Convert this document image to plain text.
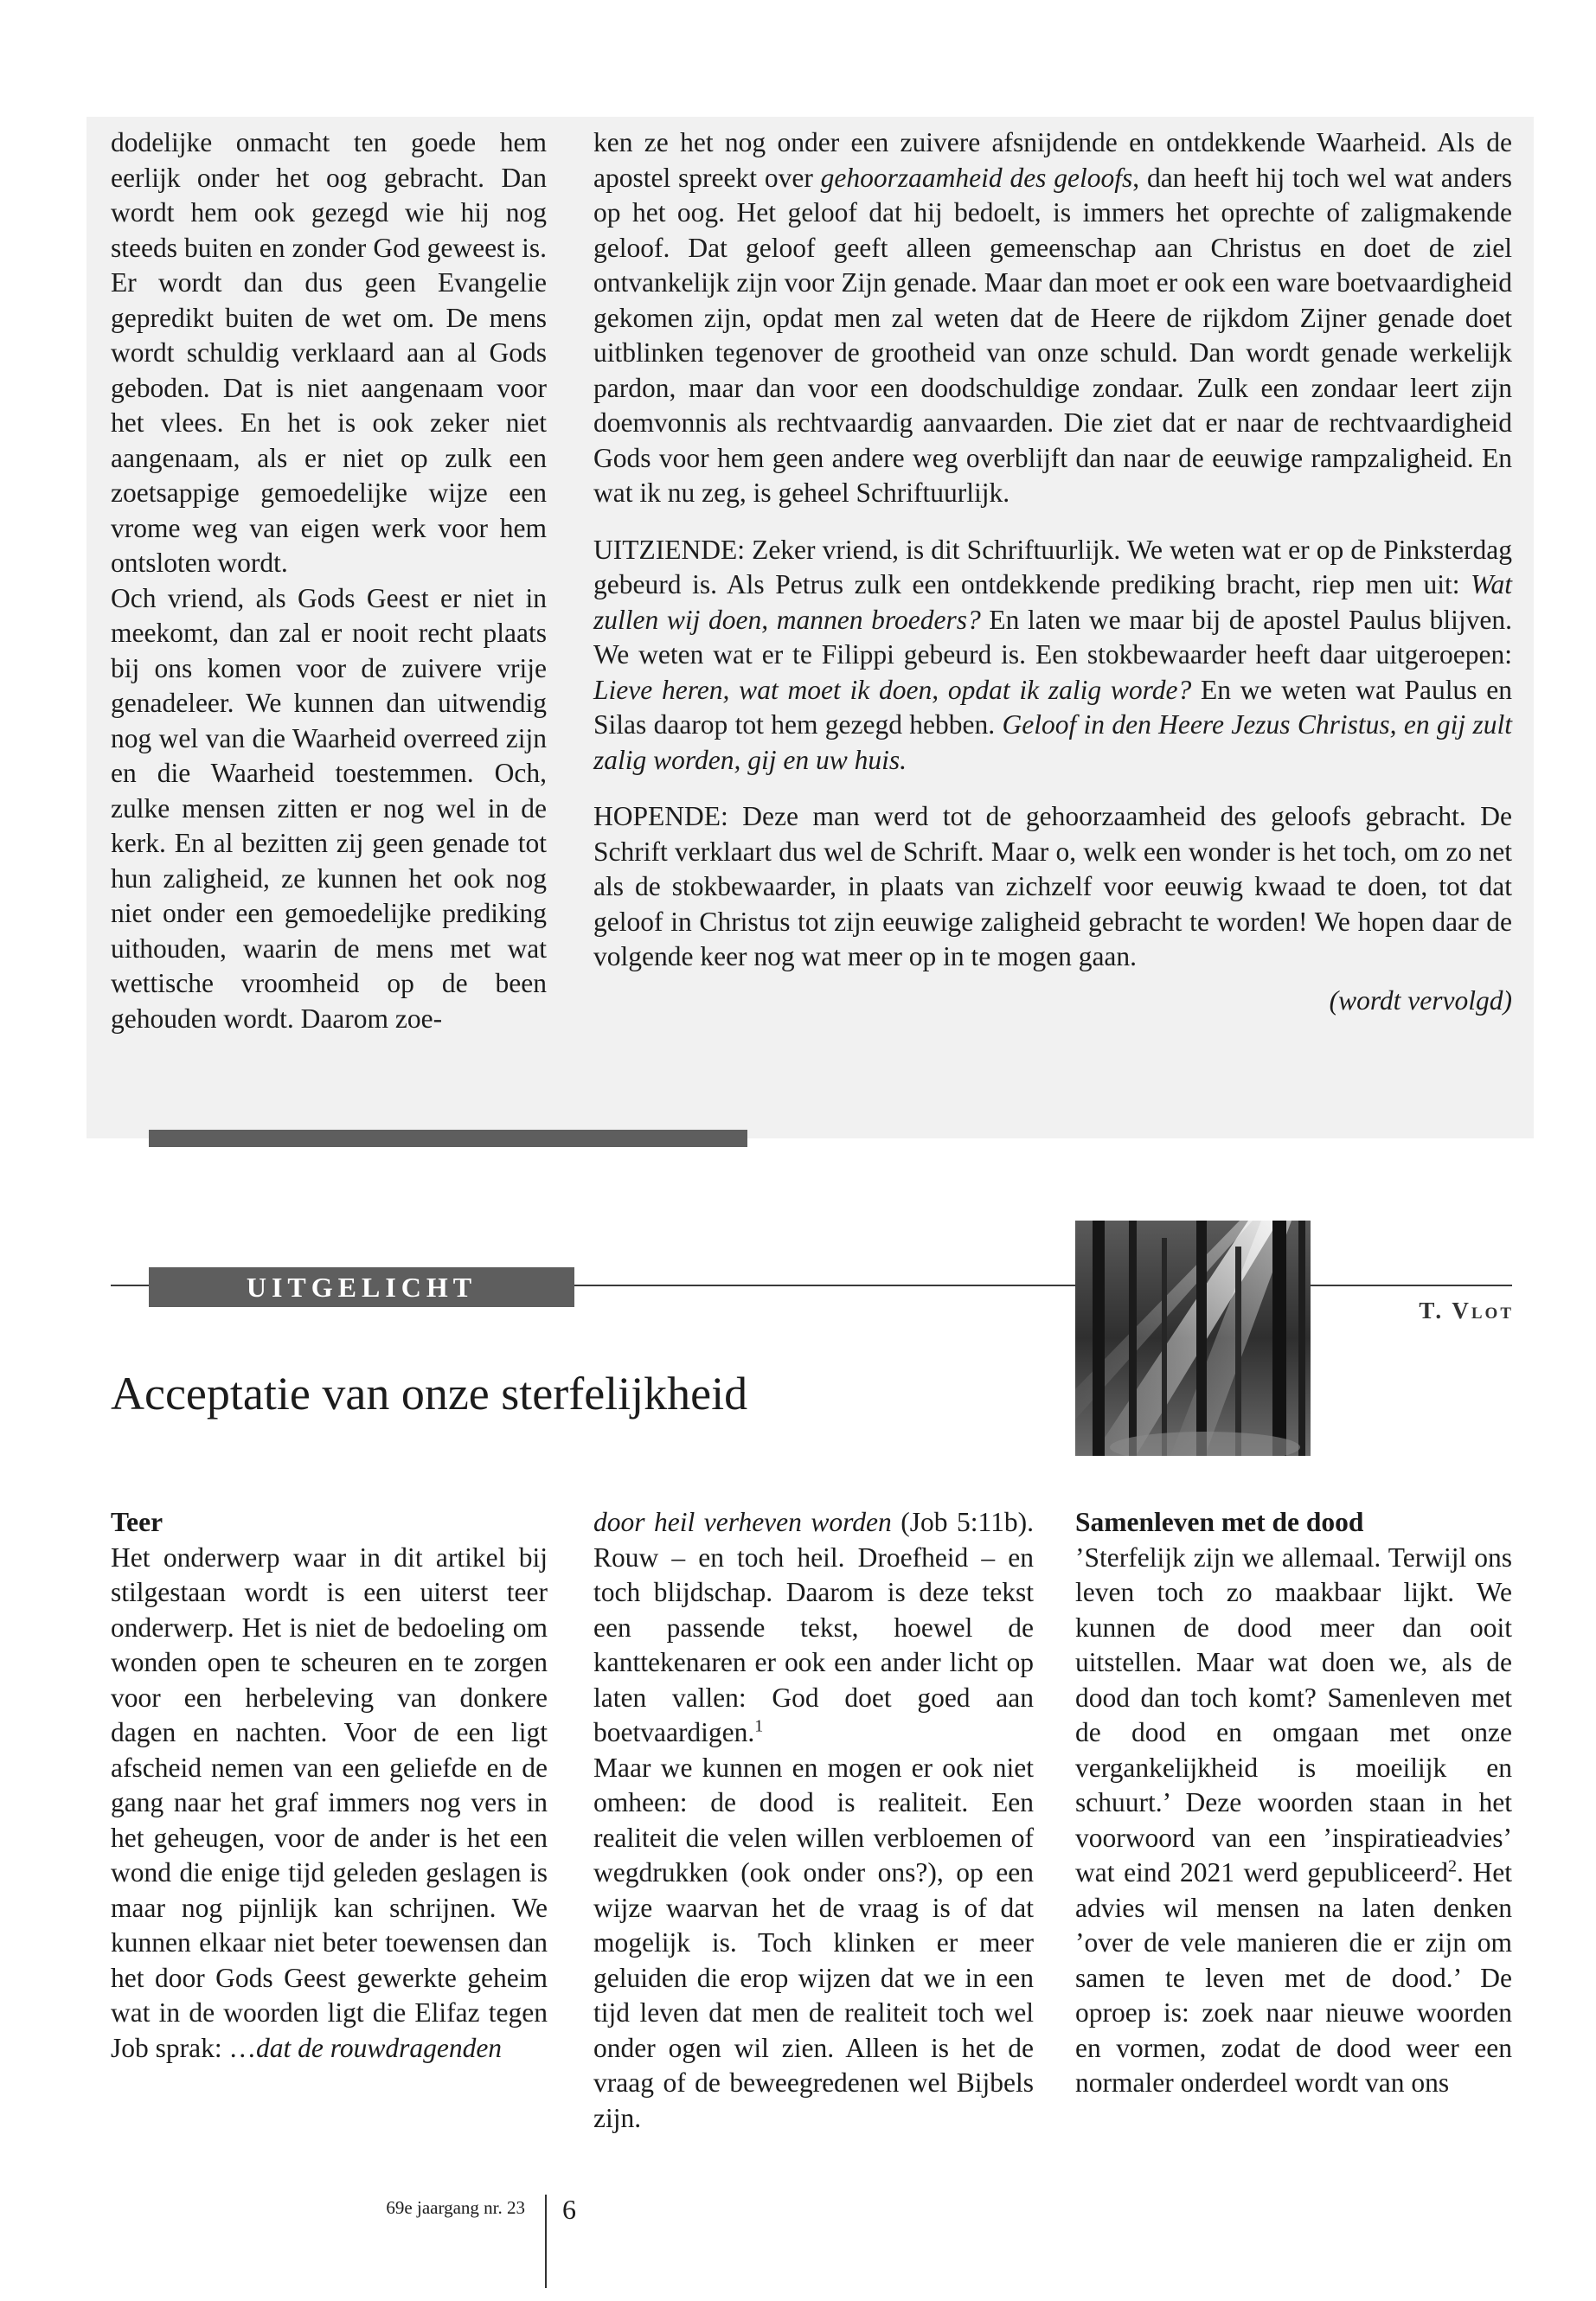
dodelijke onmacht ten goede hem eerlijk onder het oog gebracht. Dan wordt hem ook gezegd wie hij nog steeds buiten en zonder God geweest is. Er wordt dan dus geen Evangelie gepredikt buiten de wet om. De mens wordt schuldig verklaard aan al Gods geboden. Dat is niet aangenaam voor het vlees. En het is ook zeker niet aangenaam, als er niet op zulk een zoetsappige gemoedelijke wijze een vrome weg van eigen werk voor hem ontsloten wordt.

Och vriend, als Gods Geest er niet in meekomt, dan zal er nooit recht plaats bij ons komen voor de zuivere vrije genadeleer. We kunnen dan uitwendig nog wel van die Waarheid overreed zijn en die Waarheid toestemmen. Och, zulke mensen zitten er nog wel in de kerk. En al bezitten zij geen genade tot hun zaligheid, ze kunnen het ook nog niet onder een gemoedelijke prediking uithouden, waarin de mens met wat wettische vroomheid op de been gehouden wordt. Daarom zoe-

ken ze het nog onder een zuivere afsnijdende en ontdekkende Waarheid. Als de apostel spreekt over gehoorzaamheid des geloofs, dan heeft hij toch wel wat anders op het oog. Het geloof dat hij bedoelt, is immers het oprechte of zaligmakende geloof. Dat geloof geeft alleen gemeenschap aan Christus en doet de ziel ontvankelijk zijn voor Zijn genade. Maar dan moet er ook een ware boetvaardigheid gekomen zijn, opdat men zal weten dat de Heere de rijkdom Zijner genade doet uitblinken tegenover de grootheid van onze schuld. Dan wordt genade werkelijk pardon, maar dan voor een doodschuldige zondaar. Zulk een zondaar leert zijn doemvonnis als rechtvaardig aanvaarden. Die ziet dat er naar de rechtvaardigheid Gods voor hem geen andere weg overblijft dan naar de eeuwige rampzaligheid. En wat ik nu zeg, is geheel Schriftuurlijk.

UITZIENDE: Zeker vriend, is dit Schriftuurlijk. We weten wat er op de Pinksterdag gebeurd is. Als Petrus zulk een ontdekkende prediking bracht, riep men uit: Wat zullen wij doen, mannen broeders? En laten we maar bij de apostel Paulus blijven. We weten wat er te Filippi gebeurd is. Een stokbewaarder heeft daar uitgeroepen: Lieve heren, wat moet ik doen, opdat ik zalig worde? En we weten wat Paulus en Silas daarop tot hem gezegd hebben. Geloof in den Heere Jezus Christus, en gij zult zalig worden, gij en uw huis.

HOPENDE: Deze man werd tot de gehoorzaamheid des geloofs gebracht. De Schrift verklaart dus wel de Schrift. Maar o, welk een wonder is het toch, om zo net als de stokbewaarder, in plaats van zichzelf voor eeuwig kwaad te doen, tot dat geloof in Christus tot zijn eeuwige zaligheid gebracht te worden! We hopen daar de volgende keer nog wat meer op in te mogen gaan.

(wordt vervolgd)

UITGELICHT
T. Vlot
Acceptatie van onze sterfelijkheid

Teer

Het onderwerp waar in dit artikel bij stilgestaan wordt is een uiterst teer onderwerp. Het is niet de bedoeling om wonden open te scheuren en te zorgen voor een herbeleving van donkere dagen en nachten. Voor de een ligt afscheid nemen van een geliefde en de gang naar het graf immers nog vers in het geheugen, voor de ander is het een wond die enige tijd geleden geslagen is maar nog pijnlijk kan schrijnen. We kunnen elkaar niet beter toewensen dan het door Gods Geest gewerkte geheim wat in de woorden ligt die Elifaz tegen Job sprak: …dat de rouwdragenden

door heil verheven worden (Job 5:11b). Rouw – en toch heil. Droefheid – en toch blijdschap. Daarom is deze tekst een passende tekst, hoewel de kanttekenaren er ook een ander licht op laten vallen: God doet goed aan boetvaardigen.$^1$

Maar we kunnen en mogen er ook niet omheen: de dood is realiteit. Een realiteit die velen willen verbloemen of wegdrukken (ook onder ons?), op een wijze waarvan het de vraag is of dat mogelijk is. Toch klinken er meer geluiden die erop wijzen dat we in een tijd leven dat men de realiteit toch wel onder ogen wil zien. Alleen is het de vraag of de beweegredenen wel Bijbels zijn.

Samenleven met de dood

’Sterfelijk zijn we allemaal. Terwijl ons leven toch zo maakbaar lijkt. We kunnen de dood meer dan ooit uitstellen. Maar wat doen we, als de dood dan toch komt? Samenleven met de dood en omgaan met onze vergankelijkheid is moeilijk en schuurt.’ Deze woorden staan in het voorwoord van een ’inspiratieadvies’ wat eind 2021 werd gepubliceerd$^2$. Het advies wil mensen na laten denken ’over de vele manieren die er zijn om samen te leven met de dood.’ De oproep is: zoek naar nieuwe woorden en vormen, zodat de dood weer een normaler onderdeel wordt van ons

69e jaargang nr. 23 6
